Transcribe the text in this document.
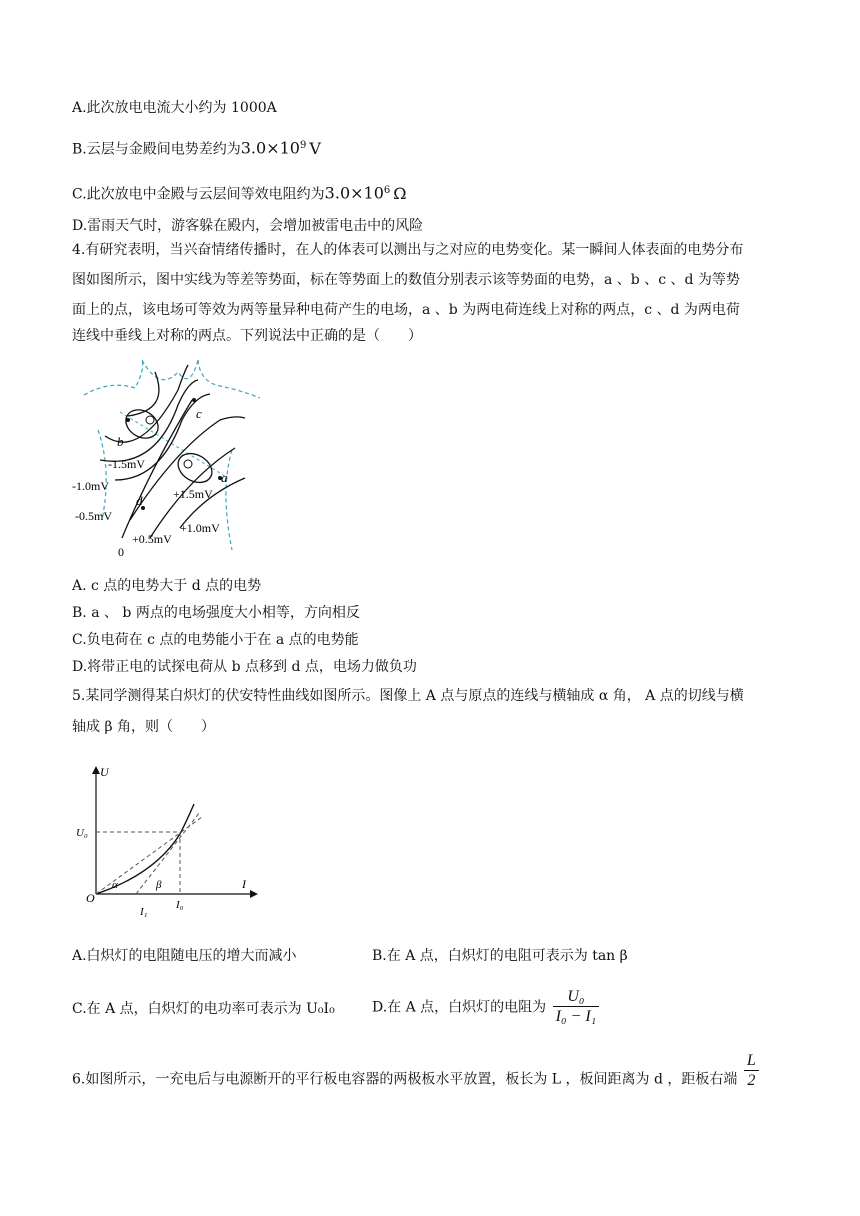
A.此次放电电流大小约为 1000A
B.云层与金殿间电势差约为$3.0\times 10^9$ V
C.此次放电中金殿与云层间等效电阻约为$3.0\times 10^6$ Ω
D.雷雨天气时，游客躲在殿内，会增加被雷电击中的风险
4.有研究表明，当兴奋情绪传播时，在人的体表可以测出与之对应的电势变化。某一瞬间人体表面的电势分布
图如图所示，图中实线为等差等势面，标在等势面上的数值分别表示该等势面的电势，a 、b 、c 、d 为等势
面上的点，该电场可等效为两等量异种电荷产生的电场，a 、b 为两电荷连线上对称的两点，c 、d 为两电荷
连线中垂线上对称的两点。下列说法中正确的是（　　）
c
b
a
d
-1.5mV
-1.0mV
-0.5mV
+1.5mV
+1.0mV
+0.5mV
0
A. c 点的电势大于 d 点的电势
B. a 、 b 两点的电场强度大小相等，方向相反
C.负电荷在 c 点的电势能小于在 a 点的电势能
D.将带正电的试探电荷从 b 点移到 d 点，电场力做负功
5.某同学测得某白炽灯的伏安特性曲线如图所示。图像上 A 点与原点的连线与横轴成 α 角， A 点的切线与横
轴成 β 角，则（　　）
U
I
O
U₀
I₀
I₁
α	β
A.白炽灯的电阻随电压的增大而减小	B.在 A 点，白炽灯的电阻可表示为 tan β
C.在 A 点，白炽灯的电功率可表示为 U₀I₀	D.在 A 点，白炽灯的电阻为 $\frac{\text{U₀}}{\text{I₀ − I₁}}$
6.如图所示，一充电后与电源断开的平行板电容器的两极板水平放置，板长为 L ，板间距离为 d ，距板右端 $\frac{L}{2}$
